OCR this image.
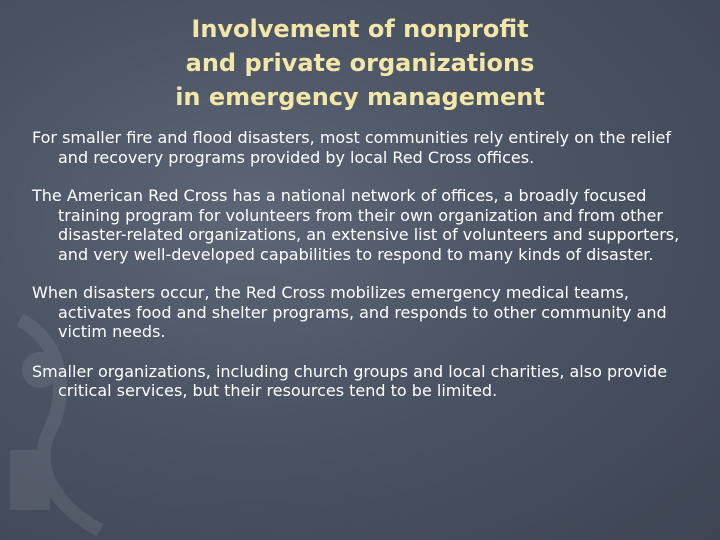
Involvement of nonprofit
and private organizations
in emergency management

For smaller fire and flood disasters, most communities rely entirely on the relief and recovery programs provided by local Red Cross offices.

The American Red Cross has a national network of offices, a broadly focused training program for volunteers from their own organization and from other disaster-related organizations, an extensive list of volunteers and supporters, and very well-developed capabilities to respond to many kinds of disaster.

When disasters occur, the Red Cross mobilizes emergency medical teams, activates food and shelter programs, and responds to other community and victim needs.

Smaller organizations, including church groups and local charities, also provide critical services, but their resources tend to be limited.
